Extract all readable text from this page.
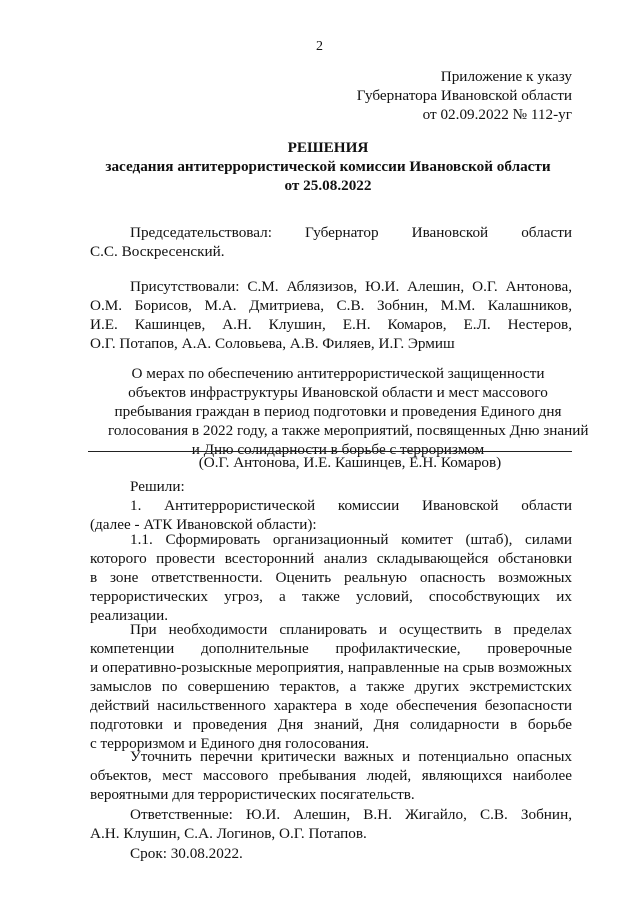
2
Приложение к указу
Губернатора Ивановской области
от 02.09.2022 № 112-уг
РЕШЕНИЯ
заседания антитеррористической комиссии Ивановской области
от 25.08.2022
Председательствовал: Губернатор Ивановской области
С.С. Воскресенский.
Присутствовали: С.М. Аблязизов, Ю.И. Алешин, О.Г. Антонова,
О.М. Борисов, М.А. Дмитриева, С.В. Зобнин, М.М. Калашников,
И.Е. Кашинцев, А.Н. Клушин, Е.Н. Комаров, Е.Л. Нестеров,
О.Г. Потапов, А.А. Соловьева, А.В. Филяев, И.Г. Эрмиш
О мерах по обеспечению антитеррористической защищенности
объектов инфраструктуры Ивановской области и мест массового
пребывания граждан в период подготовки и проведения Единого дня
голосования в 2022 году, а также мероприятий, посвященных Дню знаний
и Дню солидарности в борьбе с терроризмом
(О.Г. Антонова, И.Е. Кашинцев, Е.Н. Комаров)
Решили:
1. Антитеррористической комиссии Ивановской области
(далее - АТК Ивановской области):
1.1. Сформировать организационный комитет (штаб), силами
которого провести всесторонний анализ складывающейся обстановки
в зоне ответственности. Оценить реальную опасность возможных
террористических угроз, а также условий, способствующих их
реализации.
При необходимости спланировать и осуществить в пределах
компетенции дополнительные профилактические, проверочные
и оперативно-розыскные мероприятия, направленные на срыв возможных
замыслов по совершению терактов, а также других экстремистских
действий насильственного характера в ходе обеспечения безопасности
подготовки и проведения Дня знаний, Дня солидарности в борьбе
с терроризмом и Единого дня голосования.
Уточнить перечни критически важных и потенциально опасных
объектов, мест массового пребывания людей, являющихся наиболее
вероятными для террористических посягательств.
Ответственные: Ю.И. Алешин, В.Н. Жигайло, С.В. Зобнин,
А.Н. Клушин, С.А. Логинов, О.Г. Потапов.
Срок: 30.08.2022.
